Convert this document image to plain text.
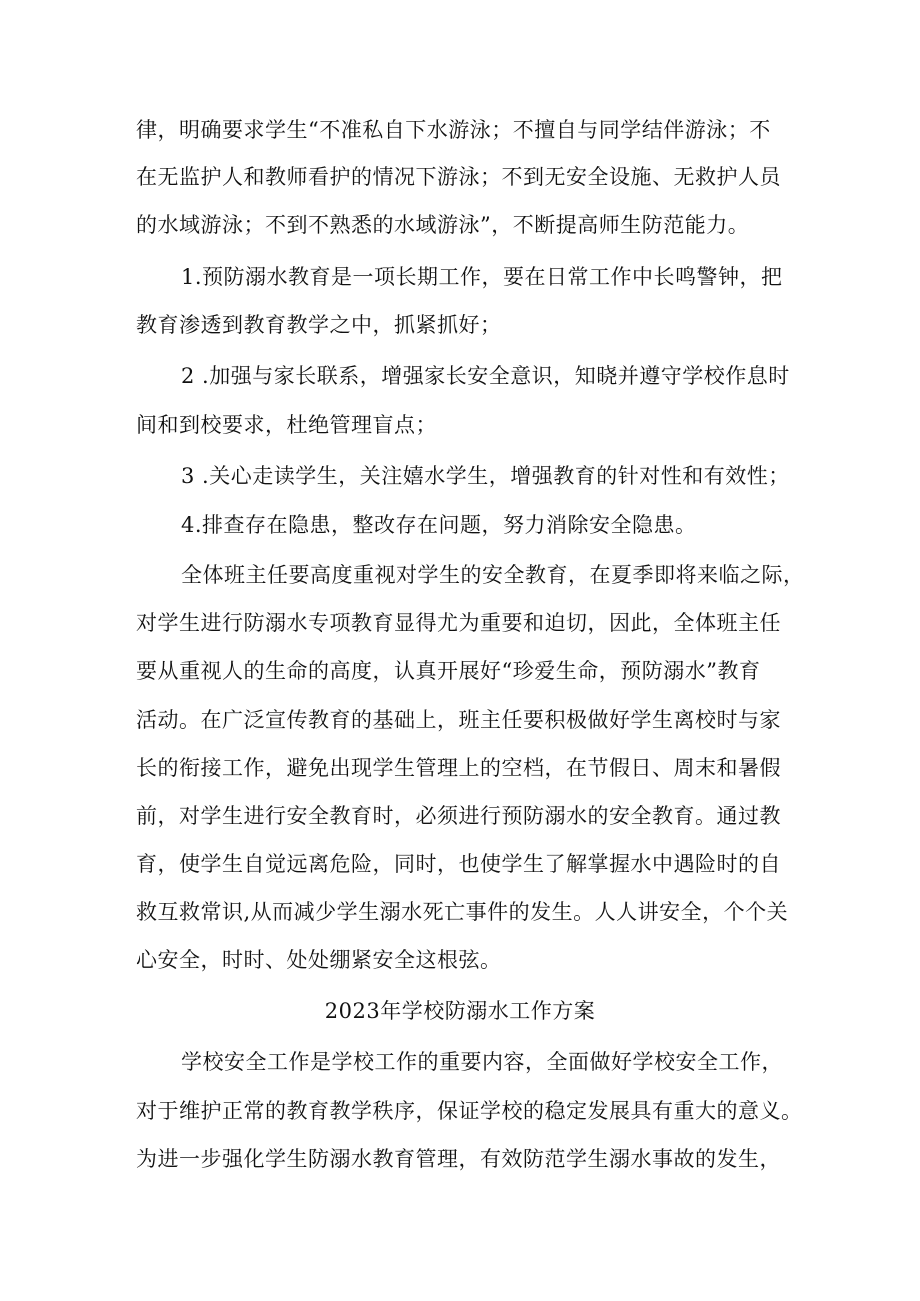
律，明确要求学生“不准私自下水游泳；不擅自与同学结伴游泳；不
在无监护人和教师看护的情况下游泳；不到无安全设施、无救护人员
的水域游泳；不到不熟悉的水域游泳”，不断提高师生防范能力。
1.预防溺水教育是一项长期工作，要在日常工作中长鸣警钟，把
教育渗透到教育教学之中，抓紧抓好；
2 .加强与家长联系，增强家长安全意识，知晓并遵守学校作息时
间和到校要求，杜绝管理盲点；
3 .关心走读学生，关注嬉水学生，增强教育的针对性和有效性；
4.排查存在隐患，整改存在问题，努力消除安全隐患。
全体班主任要高度重视对学生的安全教育，在夏季即将来临之际，
对学生进行防溺水专项教育显得尤为重要和迫切，因此，全体班主任
要从重视人的生命的高度，认真开展好“珍爱生命，预防溺水”教育
活动。在广泛宣传教育的基础上，班主任要积极做好学生离校时与家
长的衔接工作，避免出现学生管理上的空档，在节假日、周末和暑假
前，对学生进行安全教育时，必须进行预防溺水的安全教育。通过教
育，使学生自觉远离危险，同时，也使学生了解掌握水中遇险时的自
救互救常识,从而减少学生溺水死亡事件的发生。人人讲安全，个个关
心安全，时时、处处绷紧安全这根弦。
2023年学校防溺水工作方案
学校安全工作是学校工作的重要内容，全面做好学校安全工作，
对于维护正常的教育教学秩序，保证学校的稳定发展具有重大的意义。
为进一步强化学生防溺水教育管理，有效防范学生溺水事故的发生，
